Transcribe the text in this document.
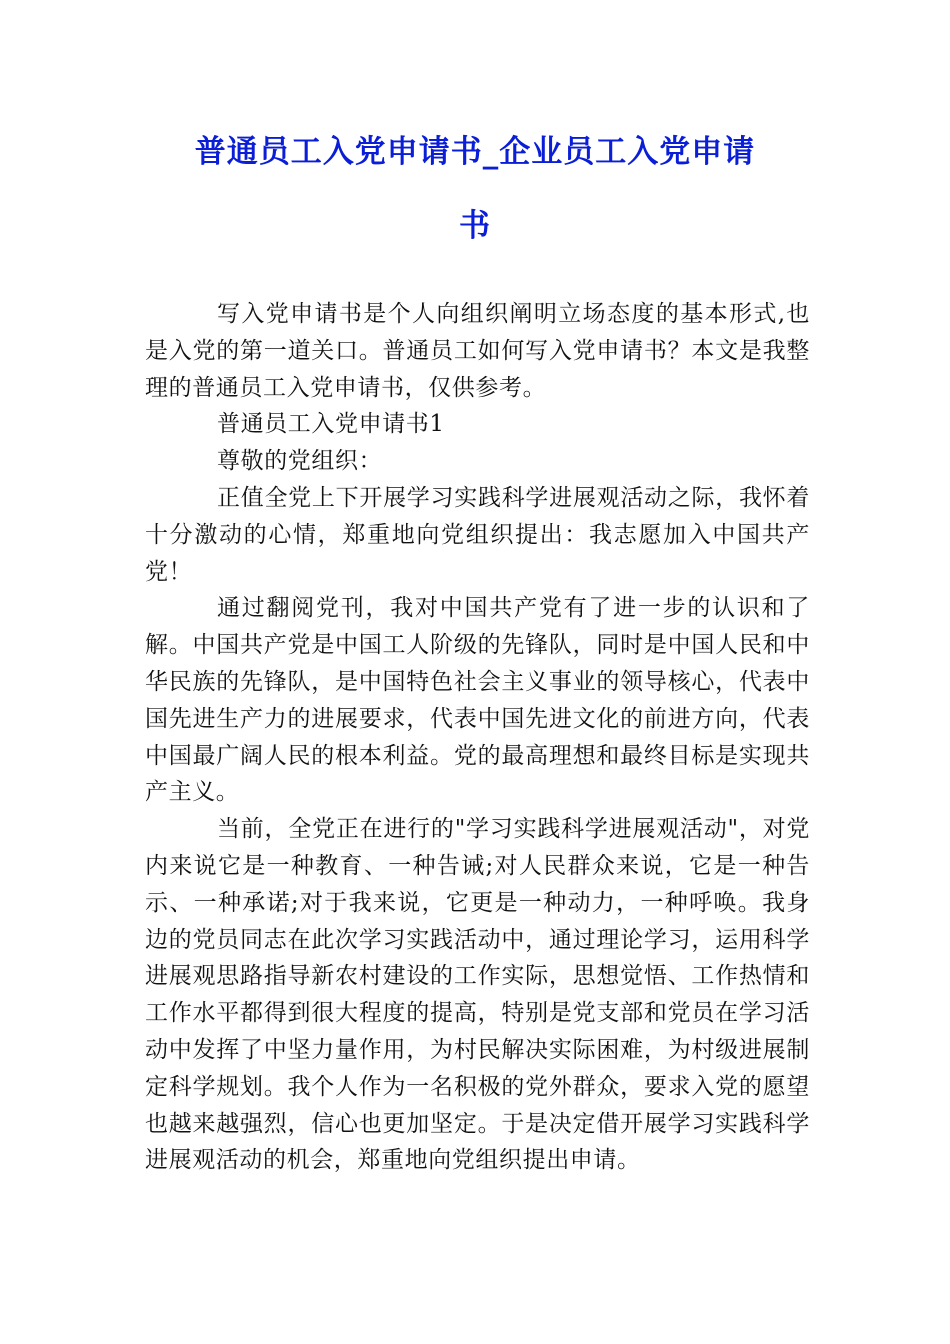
普通员工入党申请书_企业员工入党申请
书

写入党申请书是个人向组织阐明立场态度的基本形式,也是入党的第一道关口。普通员工如何写入党申请书？本文是我整理的普通员工入党申请书，仅供参考。

普通员工入党申请书1

尊敬的党组织：

正值全党上下开展学习实践科学进展观活动之际，我怀着十分激动的心情，郑重地向党组织提出：我志愿加入中国共产党！

通过翻阅党刊，我对中国共产党有了进一步的认识和了解。中国共产党是中国工人阶级的先锋队，同时是中国人民和中华民族的先锋队，是中国特色社会主义事业的领导核心，代表中国先进生产力的进展要求，代表中国先进文化的前进方向，代表中国最广阔人民的根本利益。党的最高理想和最终目标是实现共产主义。

当前，全党正在进行的"学习实践科学进展观活动"，对党内来说它是一种教育、一种告诫;对人民群众来说，它是一种告示、一种承诺;对于我来说，它更是一种动力，一种呼唤。我身边的党员同志在此次学习实践活动中，通过理论学习，运用科学进展观思路指导新农村建设的工作实际，思想觉悟、工作热情和工作水平都得到很大程度的提高，特别是党支部和党员在学习活动中发挥了中坚力量作用，为村民解决实际困难，为村级进展制定科学规划。我个人作为一名积极的党外群众，要求入党的愿望也越来越强烈，信心也更加坚定。于是决定借开展学习实践科学进展观活动的机会，郑重地向党组织提出申请。
